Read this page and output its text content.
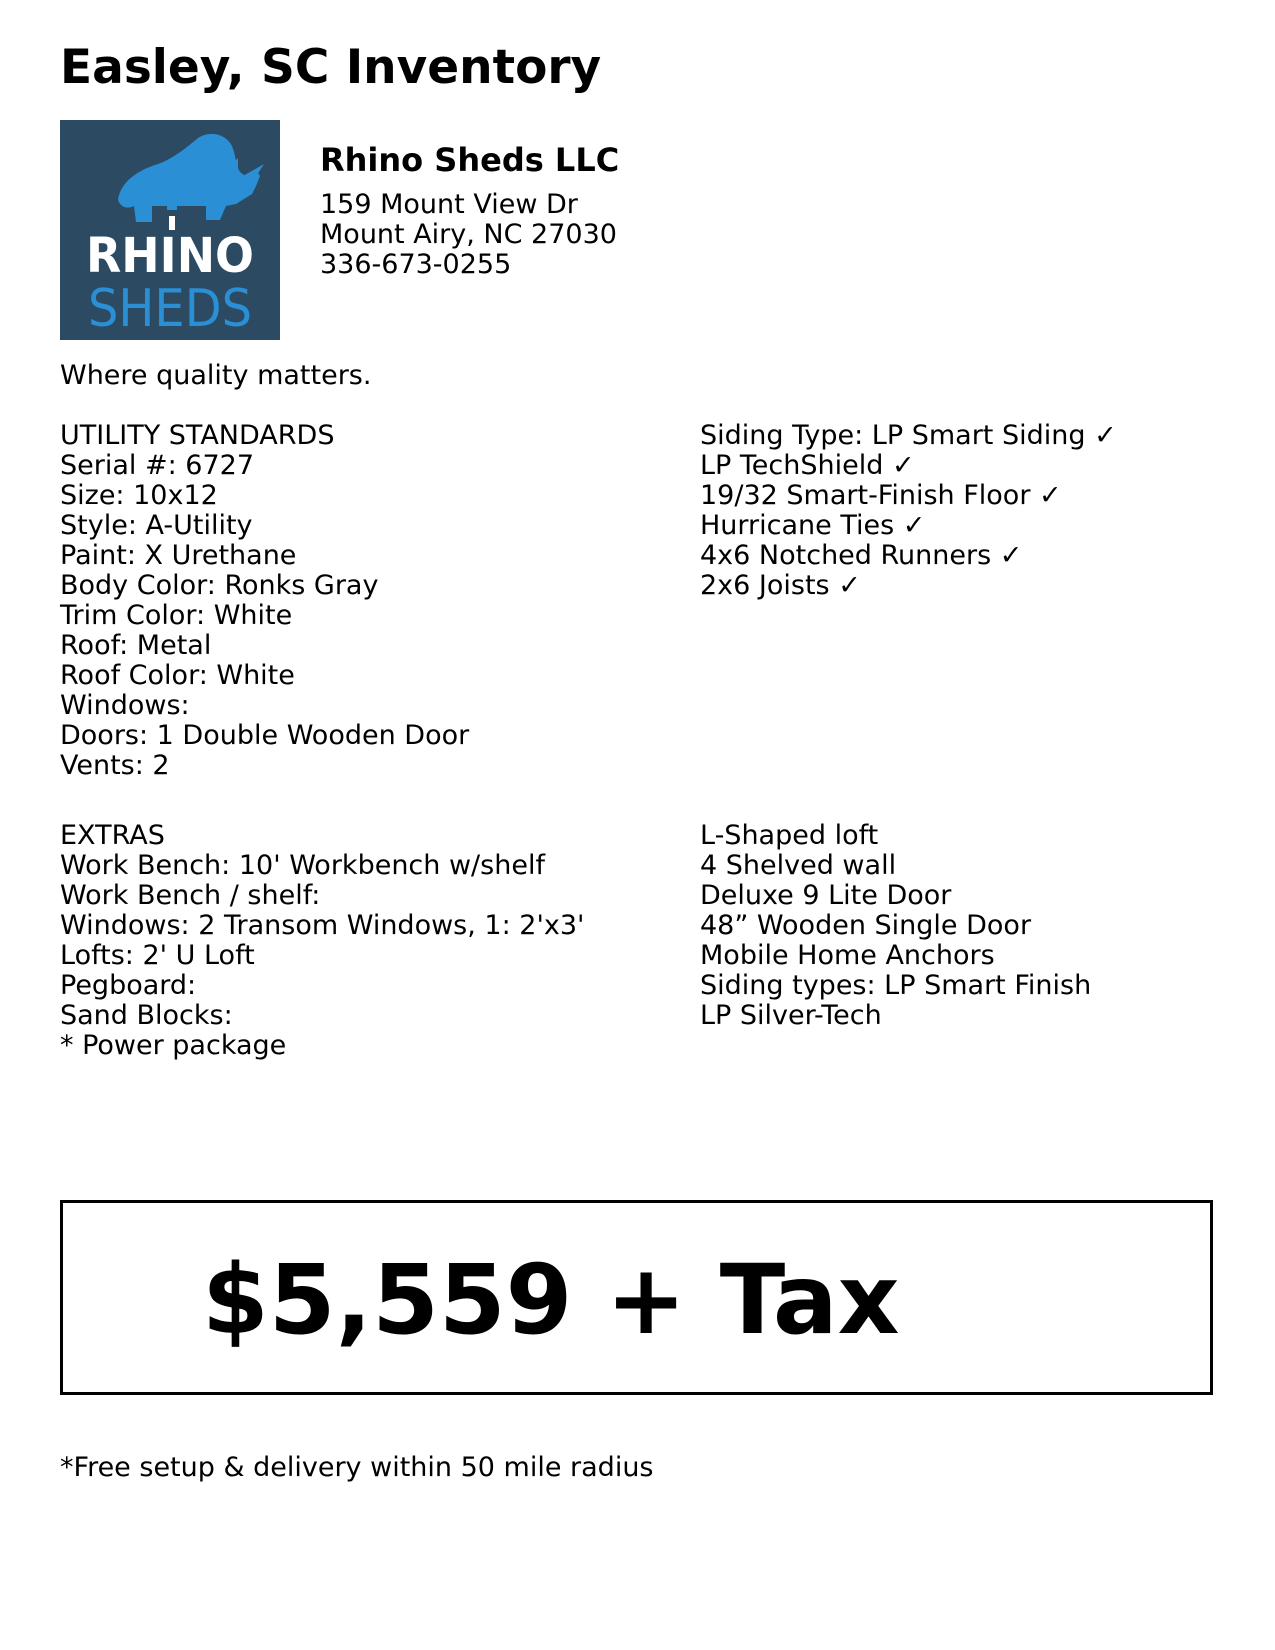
Easley, SC Inventory
RHINO
SHEDS
Rhino Sheds LLC
159 Mount View Dr
Mount Airy, NC 27030
336-673-0255
Where quality matters.
UTILITY STANDARDS
Serial #: 6727
Size: 10x12
Style: A-Utility
Paint: X Urethane
Body Color: Ronks Gray
Trim Color: White
Roof: Metal
Roof Color: White
Windows:
Doors: 1 Double Wooden Door
Vents: 2
Siding Type: LP Smart Siding ✓
LP TechShield ✓
19/32 Smart-Finish Floor ✓
Hurricane Ties ✓
4x6 Notched Runners ✓
2x6 Joists ✓
EXTRAS
Work Bench: 10' Workbench w/shelf
Work Bench / shelf:
Windows: 2 Transom Windows, 1: 2'x3'
Lofts: 2' U Loft
Pegboard:
Sand Blocks:
* Power package
L-Shaped loft
4 Shelved wall
Deluxe 9 Lite Door
48” Wooden Single Door
Mobile Home Anchors
Siding types: LP Smart Finish
LP Silver-Tech
$5,559 + Tax
*Free setup & delivery within 50 mile radius
